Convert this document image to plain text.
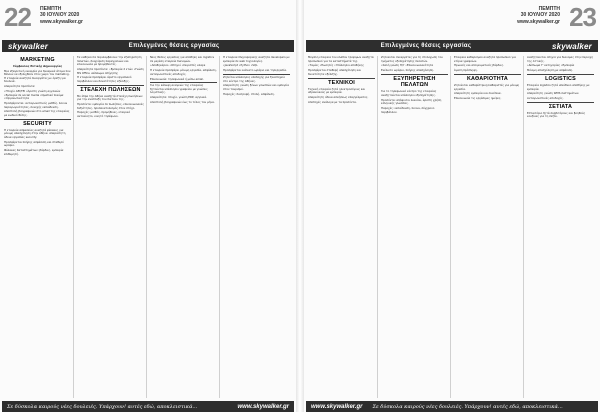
22 ΠΕΜΠΤΗ
30 ΙΟΥΛΙΟΥ 2020
www.skywalker.gr
skywalker	Επιλεγμένες θέσεις εργασίας
MARKETING
Σύμβουλος Θετικής Δημιουργίας

Μια εξαιρετική ευκαιρία για δυναμικά άτομα που θέλουν να εξελιχθούν στον χώρο του marketing. Η εταιρεία αναζητά συνεργάτες με όρεξη για δουλειά.

Απαραίτητα προσόντα:

•Πτυχίο ΑΕΙ/ΤΕΙ •Άριστη γνώση αγγλικών •Εμπειρία σε social media •Ομαδικό πνεύμα •Οργανωτικότητα

Προσφέρονται: ανταγωνιστικός μισθός, bonus παραγωγικότητας, συνεχής εκπαίδευση.

Αποστολή βιογραφικών στο email της εταιρείας με κωδικό θέσης.

SECURITY

Η εταιρεία ασφαλείας αναζητά φύλακες για μόνιμη απασχόληση στην Αθήνα. Απαραίτητη άδεια εργασίας security.

Προσφέρεται πλήρης ασφάλιση και σταθερό ωράριο.

Φύλακας Καταστημάτων: βάρδιες, εμπειρία επιθυμητή.

Τα καθήκοντα περιλαμβάνουν την εξυπηρέτηση πελατών, διαχείριση παραγγελιών και επικοινωνία με προμηθευτές.

Απαραίτητα προσόντα: •Εμπειρία 2 ετών •Γνώση MS Office •Δίπλωμα οδήγησης

Η εταιρεία προσφέρει άριστο εργασιακό περιβάλλον και δυνατότητες εξέλιξης.

ΣΤΕΛΕΧΗ ΠΩΛΗΣΕΩΝ

Με έδρα την Αθήνα αναζητά στελέχη πωλήσεων για την ανάπτυξη του δικτύου της.

Προσόντα: εμπειρία σε πωλήσεις, επικοινωνιακές δεξιότητες, προσανατολισμός στον στόχο.

Παροχές: μισθός, προμήθειες, εταιρικό αυτοκίνητο, κινητό τηλέφωνο.

Νέες θέσεις εργασίας για αποθήκη και logistics σε μεγάλη εταιρεία διανομών.

•Αποθηκάριοι •Οδηγοί •Χειριστές κλαρκ

Η εταιρεία προσφέρει μόνιμη εργασία, ασφάλιση, ανταγωνιστικές αποδοχές.

Επικοινωνία: τηλεφωνικά ή μέσω email.

Για την κάλυψη αναγκών της εταιρείας ζητούνται υπάλληλοι γραφείου με γνώσεις λογιστικής.

Απαραίτητα: πτυχίο, γνώση ERP, αγγλικά.

Αποστολή βιογραφικών έως το τέλος του μήνα.

Η εταιρεία πληροφορικής αναζητά developers με εμπειρία σε web τεχνολογίες.

•JavaScript •Python •SQL

Προσφέρεται ευέλικτο ωράριο και τηλεργασία.

Ζητείται υπάλληλος υποδοχής για ξενοδοχείο στο κέντρο της Αθήνας.

Απαραίτητη γνώση ξένων γλωσσών και εμπειρία στον τουρισμό.

Παροχές: διατροφή, στολή, ασφάλιση.

Σε δύσκολα καιρούς νέες δουλειές. Υπάρχουν! αυτές εδώ, αποκλειστικά...	www.skywalker.gr
23
ΠΕΜΠΤΗ
30 ΙΟΥΛΙΟΥ 2020
www.skywalker.gr
skywalker
Επιλεγμένες θέσεις εργασίας

Μεγάλη εταιρεία του κλάδου τροφίμων αναζητά προσωπικό για τα καταστήματά της.

•Ταμίες •Πωλητές •Υπάλληλοι αποθήκης

Προσφέρεται σταθερή απασχόληση και δυνατότητα εξέλιξης.

ΤΕΧΝΙΚΟΙ

Τεχνική εταιρεία ζητά ηλεκτρολόγους και υδραυλικούς με εμπειρία.

Απαραίτητη άδεια ασκήσεως επαγγέλματος.

Αποδοχές ανάλογα με τα προσόντα.

Ζητούνται συνεργάτες για τη στελέχωση του τμήματος εξυπηρέτησης πελατών.

•Καλή γνώση Η/Υ •Επικοινωνιακότητα

Ευέλικτο ωράριο, πλήρης απασχόληση.

ΕΞΥΠΗΡΕΤΗΣΗ ΠΕΛΑΤΩΝ

Για το τηλεφωνικό κέντρο της εταιρείας αναζητούνται υπάλληλοι εξυπηρέτησης.

Προσόντα: απόφοιτοι λυκείου, άριστη χρήση ελληνικής γλώσσας.

Παροχές: εκπαίδευση, bonus, σύγχρονο περιβάλλον.

Εταιρεία καθαρισμού αναζητά προσωπικό για κτίρια γραφείων.

Πρωινές και απογευματινές βάρδιες.

Άμεση πρόσληψη.

ΚΑΘΑΡΙΟΤΗΤΑ

Ζητούνται καθαρίστριες/καθαριστές για μόνιμη εργασία.

Απαραίτητη εμπειρία και συνέπεια.

Επικοινωνία τις εργάσιμες ημέρες.

Αναζητούνται οδηγοί για διανομές στην περιοχή της Αττικής.

•Δίπλωμα Γ' κατηγορίας •Εμπειρία

Μόνιμη απασχόληση με ασφάλιση.

LOGISTICS

Εταιρεία logistics ζητά υπεύθυνο αποθήκης με εμπειρία.

Απαραίτητη γνώση WMS συστημάτων.

Ανταγωνιστικές αποδοχές.

ΣΕΤΙΑΤΑ

Εστιατόριο ζητά σερβιτόρους και βοηθούς κουζίνας για τη σεζόν.

Σε δύσκολα καιρούς νέες δουλειές. Υπάρχουν! αυτές εδώ, αποκλειστικά...
www.skywalker.gr
